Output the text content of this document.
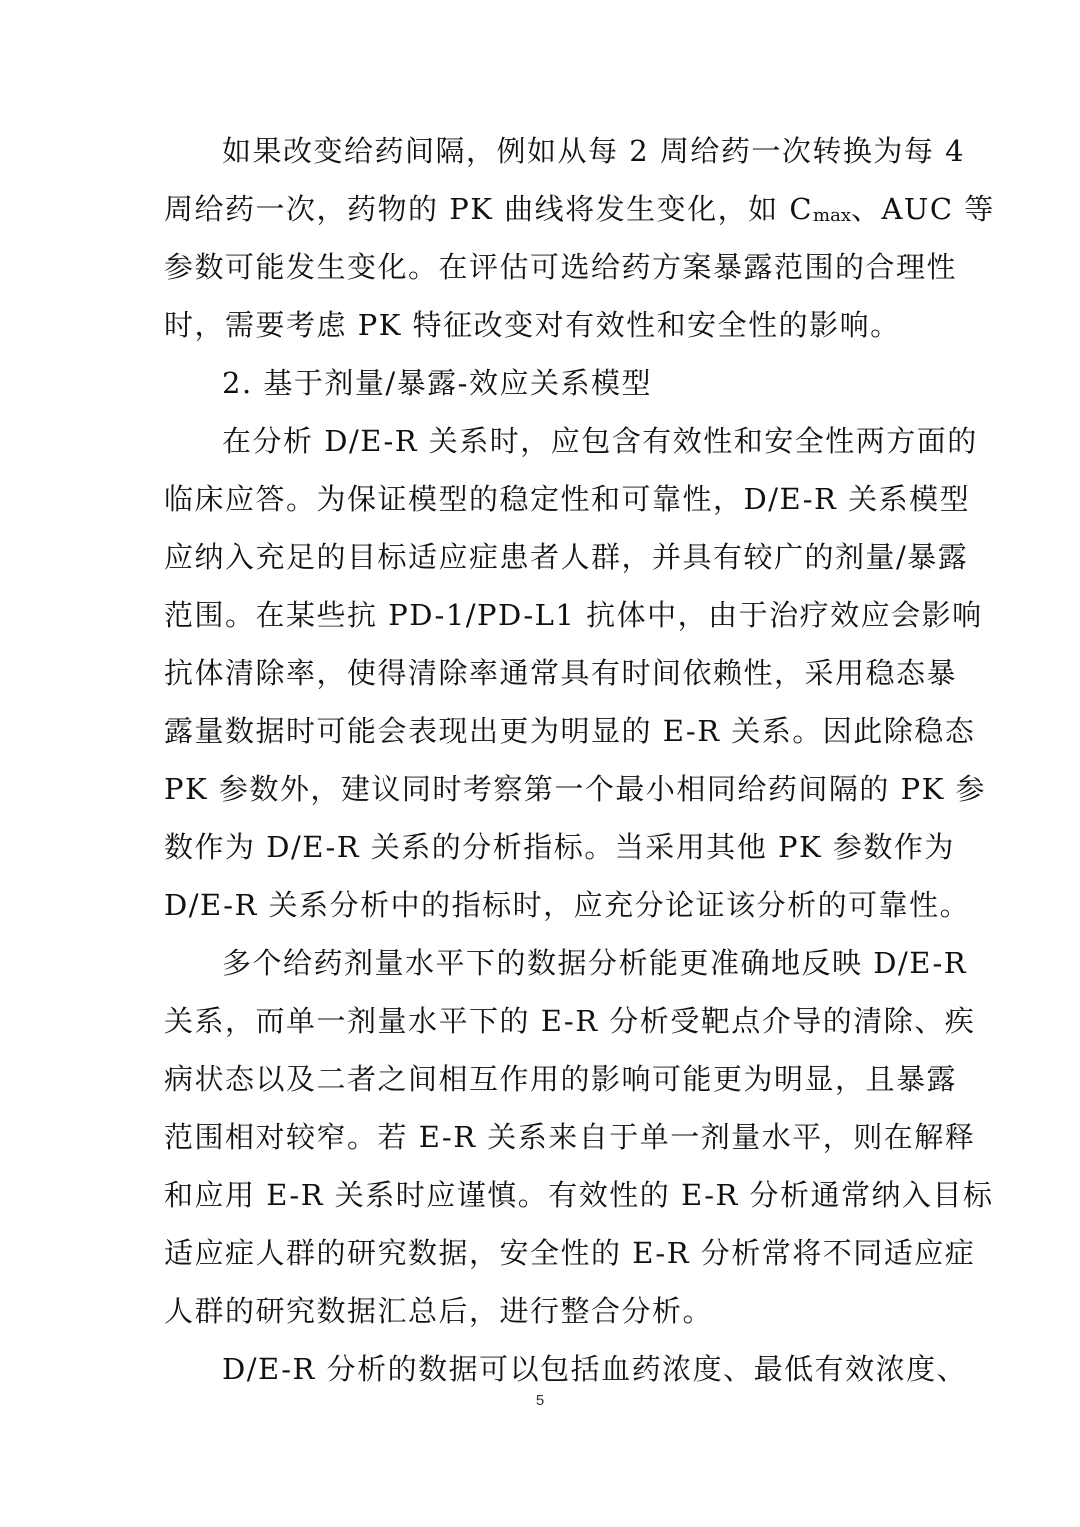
如果改变给药间隔，例如从每 2 周给药一次转换为每 4
周给药一次，药物的 PK 曲线将发生变化，如 $C_{max}$、AUC 等
参数可能发生变化。在评估可选给药方案暴露范围的合理性
时，需要考虑 PK 特征改变对有效性和安全性的影响。
2. 基于剂量/暴露-效应关系模型
在分析 D/E-R 关系时，应包含有效性和安全性两方面的
临床应答。为保证模型的稳定性和可靠性，D/E-R 关系模型
应纳入充足的目标适应症患者人群，并具有较广的剂量/暴露
范围。在某些抗 PD-1/PD-L1 抗体中，由于治疗效应会影响
抗体清除率，使得清除率通常具有时间依赖性，采用稳态暴
露量数据时可能会表现出更为明显的 E-R 关系。因此除稳态
PK 参数外，建议同时考察第一个最小相同给药间隔的 PK 参
数作为 D/E-R 关系的分析指标。当采用其他 PK 参数作为
D/E-R 关系分析中的指标时，应充分论证该分析的可靠性。
多个给药剂量水平下的数据分析能更准确地反映 D/E-R
关系，而单一剂量水平下的 E-R 分析受靶点介导的清除、疾
病状态以及二者之间相互作用的影响可能更为明显，且暴露
范围相对较窄。若 E-R 关系来自于单一剂量水平，则在解释
和应用 E-R 关系时应谨慎。有效性的 E-R 分析通常纳入目标
适应症人群的研究数据，安全性的 E-R 分析常将不同适应症
人群的研究数据汇总后，进行整合分析。
D/E-R 分析的数据可以包括血药浓度、最低有效浓度、
5
